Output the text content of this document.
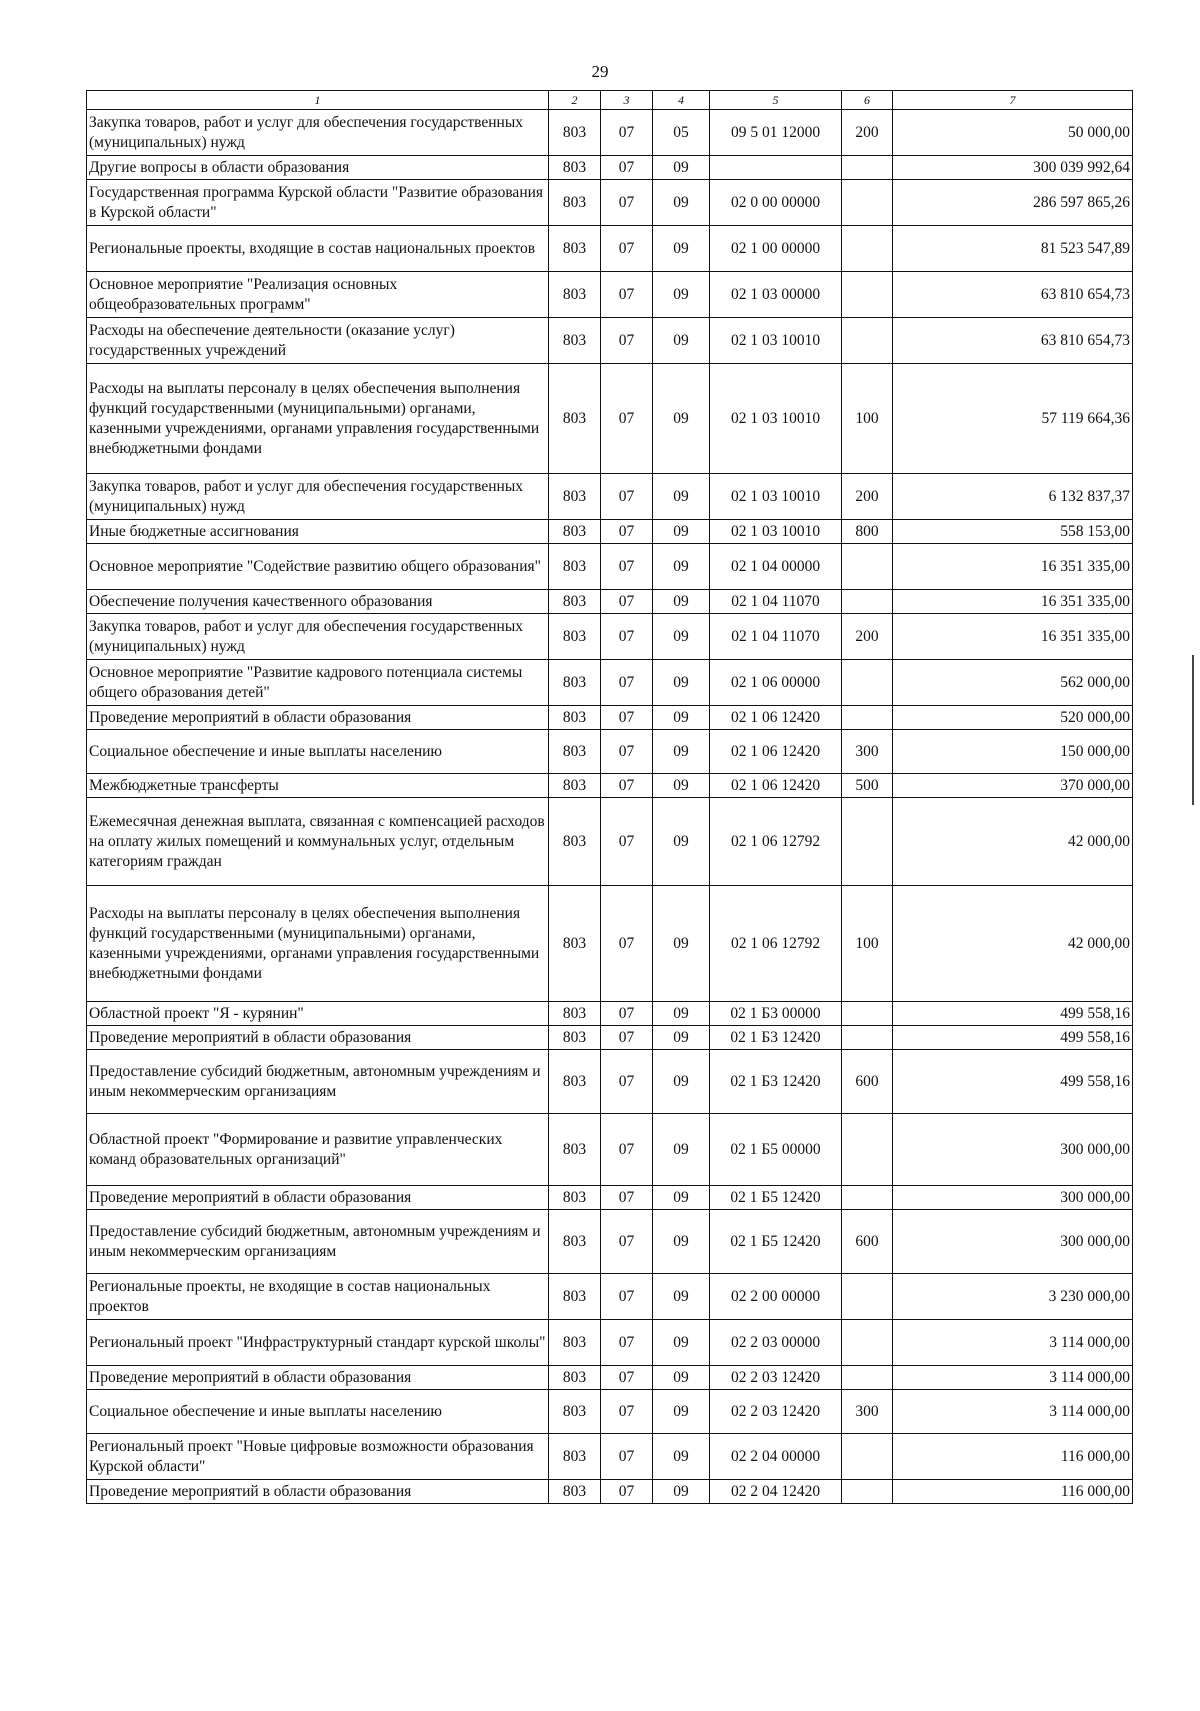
29
1	2	3	4	5	6	7
Закупка товаров, работ и услуг для обеспечения государственных (муниципальных) нужд	803	07	05	09 5 01 12000	200	50 000,00
Другие вопросы в области образования	803	07	09			300 039 992,64
Государственная программа Курской области "Развитие образования в Курской области"	803	07	09	02 0 00 00000		286 597 865,26
Региональные проекты, входящие в состав национальных проектов	803	07	09	02 1 00 00000		81 523 547,89
Основное мероприятие "Реализация основных общеобразовательных программ"	803	07	09	02 1 03 00000		63 810 654,73
Расходы на обеспечение деятельности (оказание услуг) государственных учреждений	803	07	09	02 1 03 10010		63 810 654,73
Расходы на выплаты персоналу в целях обеспечения выполнения функций государственными (муниципальными) органами, казенными учреждениями, органами управления государственными внебюджетными фондами	803	07	09	02 1 03 10010	100	57 119 664,36
Закупка товаров, работ и услуг для обеспечения государственных (муниципальных) нужд	803	07	09	02 1 03 10010	200	6 132 837,37
Иные бюджетные ассигнования	803	07	09	02 1 03 10010	800	558 153,00
Основное мероприятие "Содействие развитию общего образования"	803	07	09	02 1 04 00000		16 351 335,00
Обеспечение получения качественного образования	803	07	09	02 1 04 11070		16 351 335,00
Закупка товаров, работ и услуг для обеспечения государственных (муниципальных) нужд	803	07	09	02 1 04 11070	200	16 351 335,00
Основное мероприятие "Развитие кадрового потенциала системы общего образования детей"	803	07	09	02 1 06 00000		562 000,00
Проведение мероприятий в области образования	803	07	09	02 1 06 12420		520 000,00
Социальное обеспечение и иные выплаты населению	803	07	09	02 1 06 12420	300	150 000,00
Межбюджетные трансферты	803	07	09	02 1 06 12420	500	370 000,00
Ежемесячная денежная выплата, связанная с компенсацией расходов на оплату жилых помещений и коммунальных услуг, отдельным категориям граждан	803	07	09	02 1 06 12792		42 000,00
Расходы на выплаты персоналу в целях обеспечения выполнения функций государственными (муниципальными) органами, казенными учреждениями, органами управления государственными внебюджетными фондами	803	07	09	02 1 06 12792	100	42 000,00
Областной проект "Я - курянин"	803	07	09	02 1 Б3 00000		499 558,16
Проведение мероприятий в области образования	803	07	09	02 1 Б3 12420		499 558,16
Предоставление субсидий бюджетным, автономным учреждениям и иным некоммерческим организациям	803	07	09	02 1 Б3 12420	600	499 558,16
Областной проект "Формирование и развитие управленческих команд образовательных организаций"	803	07	09	02 1 Б5 00000		300 000,00
Проведение мероприятий в области образования	803	07	09	02 1 Б5 12420		300 000,00
Предоставление субсидий бюджетным, автономным учреждениям и иным некоммерческим организациям	803	07	09	02 1 Б5 12420	600	300 000,00
Региональные проекты, не входящие в состав национальных проектов	803	07	09	02 2 00 00000		3 230 000,00
Региональный проект "Инфраструктурный стандарт курской школы"	803	07	09	02 2 03 00000		3 114 000,00
Проведение мероприятий в области образования	803	07	09	02 2 03 12420		3 114 000,00
Социальное обеспечение и иные выплаты населению	803	07	09	02 2 03 12420	300	3 114 000,00
Региональный проект "Новые цифровые возможности образования Курской области"	803	07	09	02 2 04 00000		116 000,00
Проведение мероприятий в области образования	803	07	09	02 2 04 12420		116 000,00
